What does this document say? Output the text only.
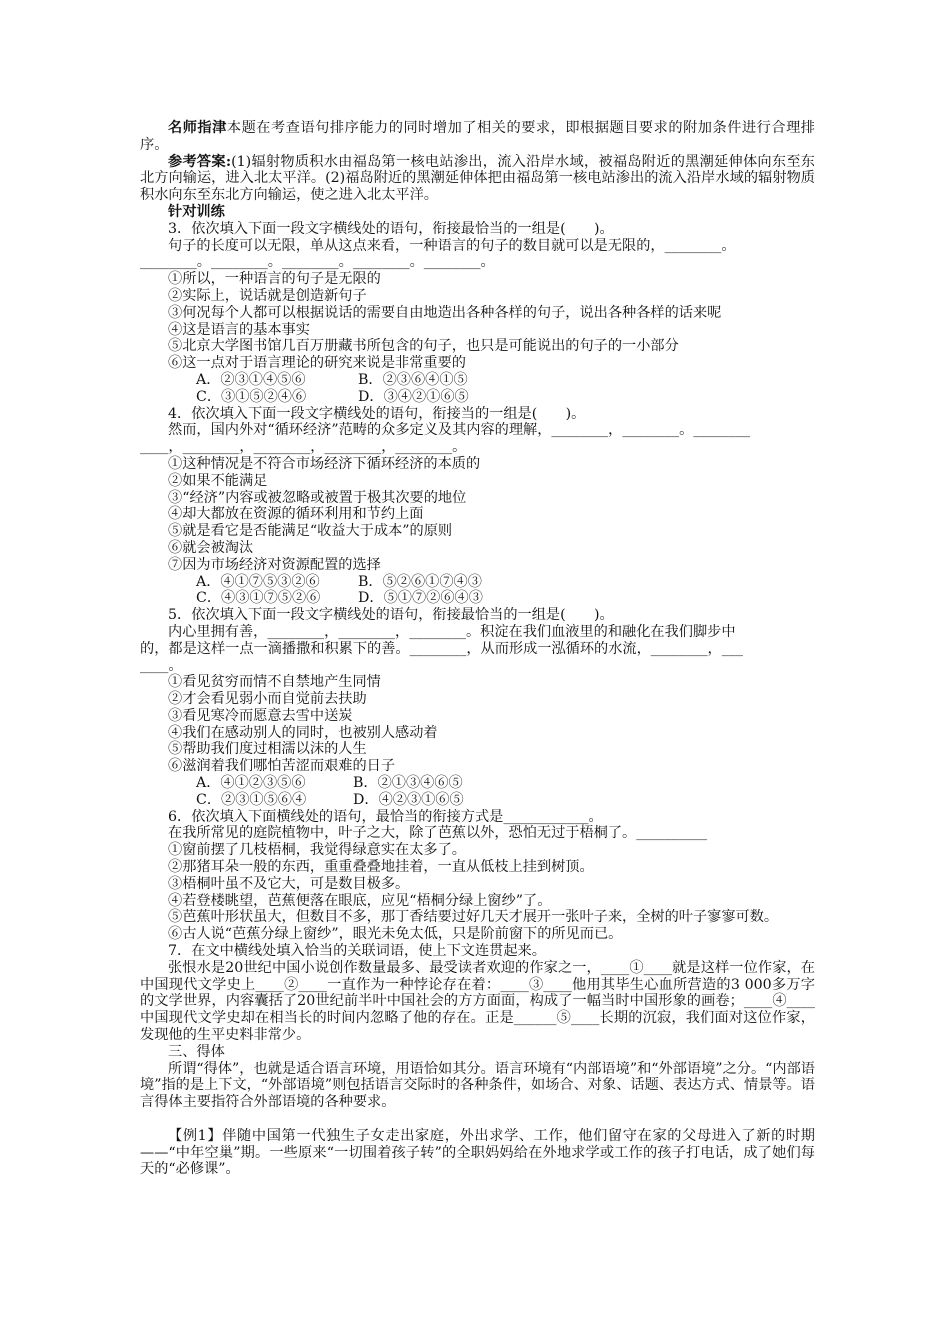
名师指津本题在考查语句排序能力的同时增加了相关的要求，即根据题目要求的附加条件进行合理排序。

参考答案:(1)辐射物质积水由福岛第一核电站渗出，流入沿岸水域，被福岛附近的黑潮延伸体向东至东北方向输运，进入北太平洋。(2)福岛附近的黑潮延伸体把由福岛第一核电站渗出的流入沿岸水域的辐射物质积水向东至东北方向输运，使之进入北太平洋。

针对训练

3．依次填入下面一段文字横线处的语句，衔接最恰当的一组是(　　)。

句子的长度可以无限，单从这点来看，一种语言的句子的数目就可以是无限的，________。

________。________。________。________。________。

①所以，一种语言的句子是无限的

②实际上，说话就是创造新句子

③何况每个人都可以根据说话的需要自由地造出各种各样的句子，说出各种各样的话来呢

④这是语言的基本事实

⑤北京大学图书馆几百万册藏书所包含的句子，也只是可能说出的句子的一小部分

⑥这一点对于语言理论的研究来说是非常重要的

A．②③①④⑤⑥	B．②③⑥④①⑤

C．③①⑤②④⑥	D．③④②①⑥⑤

4．依次填入下面一段文字横线处的语句，衔接当的一组是(　　)。

然而，国内外对“循环经济”范畴的众多定义及其内容的理解，________，________。________

____，________，________，________，________。

①这种情况是不符合市场经济下循环经济的本质的

②如果不能满足

③“经济”内容或被忽略或被置于极其次要的地位

④却大都放在资源的循环利用和节约上面

⑤就是看它是否能满足“收益大于成本”的原则

⑥就会被淘汰

⑦因为市场经济对资源配置的选择

A．④①⑦⑤③②⑥	B．⑤②⑥①⑦④③

C．④③①⑦⑤②⑥	D．⑤①⑦②⑥④③

5．依次填入下面一段文字横线处的语句，衔接最恰当的一组是(　　)。

内心里拥有善，________，________，________。积淀在我们血液里的和融化在我们脚步中

的，都是这样一点一滴播撒和积累下的善。________，从而形成一泓循环的水流，________，___

____。

①看见贫穷而情不自禁地产生同情

②才会看见弱小而自觉前去扶助

③看见寒冷而愿意去雪中送炭

④我们在感动别人的同时，也被别人感动着

⑤帮助我们度过相濡以沫的人生

⑥滋润着我们哪怕苦涩而艰难的日子

A．④①②③⑤⑥	B．②①③④⑥⑤

C．②③①⑤⑥④	D．④②③①⑥⑤

6．依次填入下面横线处的语句，最恰当的衔接方式是____________。

在我所常见的庭院植物中，叶子之大，除了芭蕉以外，恐怕无过于梧桐了。__________

①窗前摆了几枝梧桐，我觉得绿意实在太多了。

②那猪耳朵一般的东西，重重叠叠地挂着，一直从低枝上挂到树顶。

③梧桐叶虽不及它大，可是数目极多。

④若登楼眺望，芭蕉便落在眼底，应见“梧桐分绿上窗纱”了。

⑤芭蕉叶形状虽大，但数目不多，那丁香结要过好几天才展开一张叶子来，全树的叶子寥寥可数。

⑥古人说“芭蕉分绿上窗纱”，眼光未免太低，只是阶前窗下的所见而已。

7．在文中横线处填入恰当的关联词语，使上下文连贯起来。

张恨水是20世纪中国小说创作数量最多、最受读者欢迎的作家之一，____①____就是这样一位作家，在中国现代文学史上____②____一直作为一种悖论存在着：____③____他用其毕生心血所营造的3 000多万字的文学世界，内容囊括了20世纪前半叶中国社会的方方面面，构成了一幅当时中国形象的画卷；____④____中国现代文学史却在相当长的时间内忽略了他的存在。正是______⑤____长期的沉寂，我们面对这位作家，发现他的生平史料非常少。

三、得体

所谓“得体”，也就是适合语言环境，用语恰如其分。语言环境有“内部语境”和“外部语境”之分。“内部语境”指的是上下文，“外部语境”则包括语言交际时的各种条件，如场合、对象、话题、表达方式、情景等。语言得体主要指符合外部语境的各种要求。

【例1】伴随中国第一代独生子女走出家庭，外出求学、工作，他们留守在家的父母进入了新的时期——“中年空巢”期。一些原来“一切围着孩子转”的全职妈妈给在外地求学或工作的孩子打电话，成了她们每天的“必修课”。
